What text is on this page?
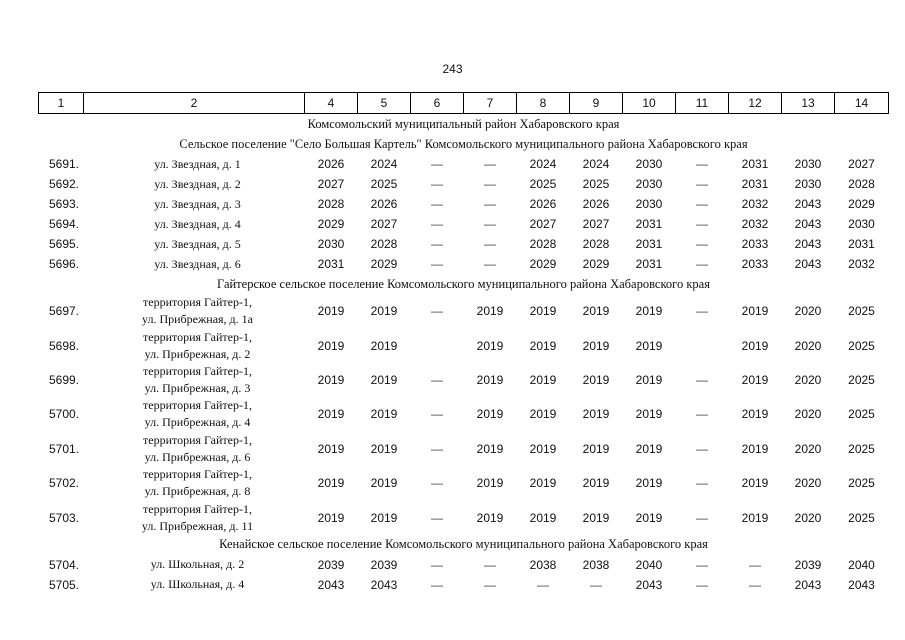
243
1	2	4	5	6	7	8	9	10	11	12	13	14
Комсомольский муниципальный район Хабаровского края												
Сельское поселение "Село Большая Картель" Комсомольского муниципального района Хабаровского края												
5691.	ул. Звездная, д. 1	2026	2024	—	—	2024	2024	2030	—	2031	2030	2027
5692.	ул. Звездная, д. 2	2027	2025	—	—	2025	2025	2030	—	2031	2030	2028
5693.	ул. Звездная, д. 3	2028	2026	—	—	2026	2026	2030	—	2032	2043	2029
5694.	ул. Звездная, д. 4	2029	2027	—	—	2027	2027	2031	—	2032	2043	2030
5695.	ул. Звездная, д. 5	2030	2028	—	—	2028	2028	2031	—	2033	2043	2031
5696.	ул. Звездная, д. 6	2031	2029	—	—	2029	2029	2031	—	2033	2043	2032
Гайтерское сельское поселение Комсомольского муниципального района Хабаровского края												
5697.	территория Гайтер-1,
ул. Прибрежная, д. 1а	2019	2019	—	2019	2019	2019	2019	—	2019	2020	2025
5698.	территория Гайтер-1,
ул. Прибрежная, д. 2	2019	2019		2019	2019	2019	2019		2019	2020	2025
5699.	территория Гайтер-1,
ул. Прибрежная, д. 3	2019	2019	—	2019	2019	2019	2019	—	2019	2020	2025
5700.	территория Гайтер-1,
ул. Прибрежная, д. 4	2019	2019	—	2019	2019	2019	2019	—	2019	2020	2025
5701.	территория Гайтер-1,
ул. Прибрежная, д. 6	2019	2019	—	2019	2019	2019	2019	—	2019	2020	2025
5702.	территория Гайтер-1,
ул. Прибрежная, д. 8	2019	2019	—	2019	2019	2019	2019	—	2019	2020	2025
5703.	территория Гайтер-1,
ул. Прибрежная, д. 11	2019	2019	—	2019	2019	2019	2019	—	2019	2020	2025
Кенайское сельское поселение Комсомольского муниципального района Хабаровского края												
5704.	ул. Школьная, д. 2	2039	2039	—	—	2038	2038	2040	—	—	2039	2040
5705.	ул. Школьная, д. 4	2043	2043	—	—	—	—	2043	—	—	2043	2043
